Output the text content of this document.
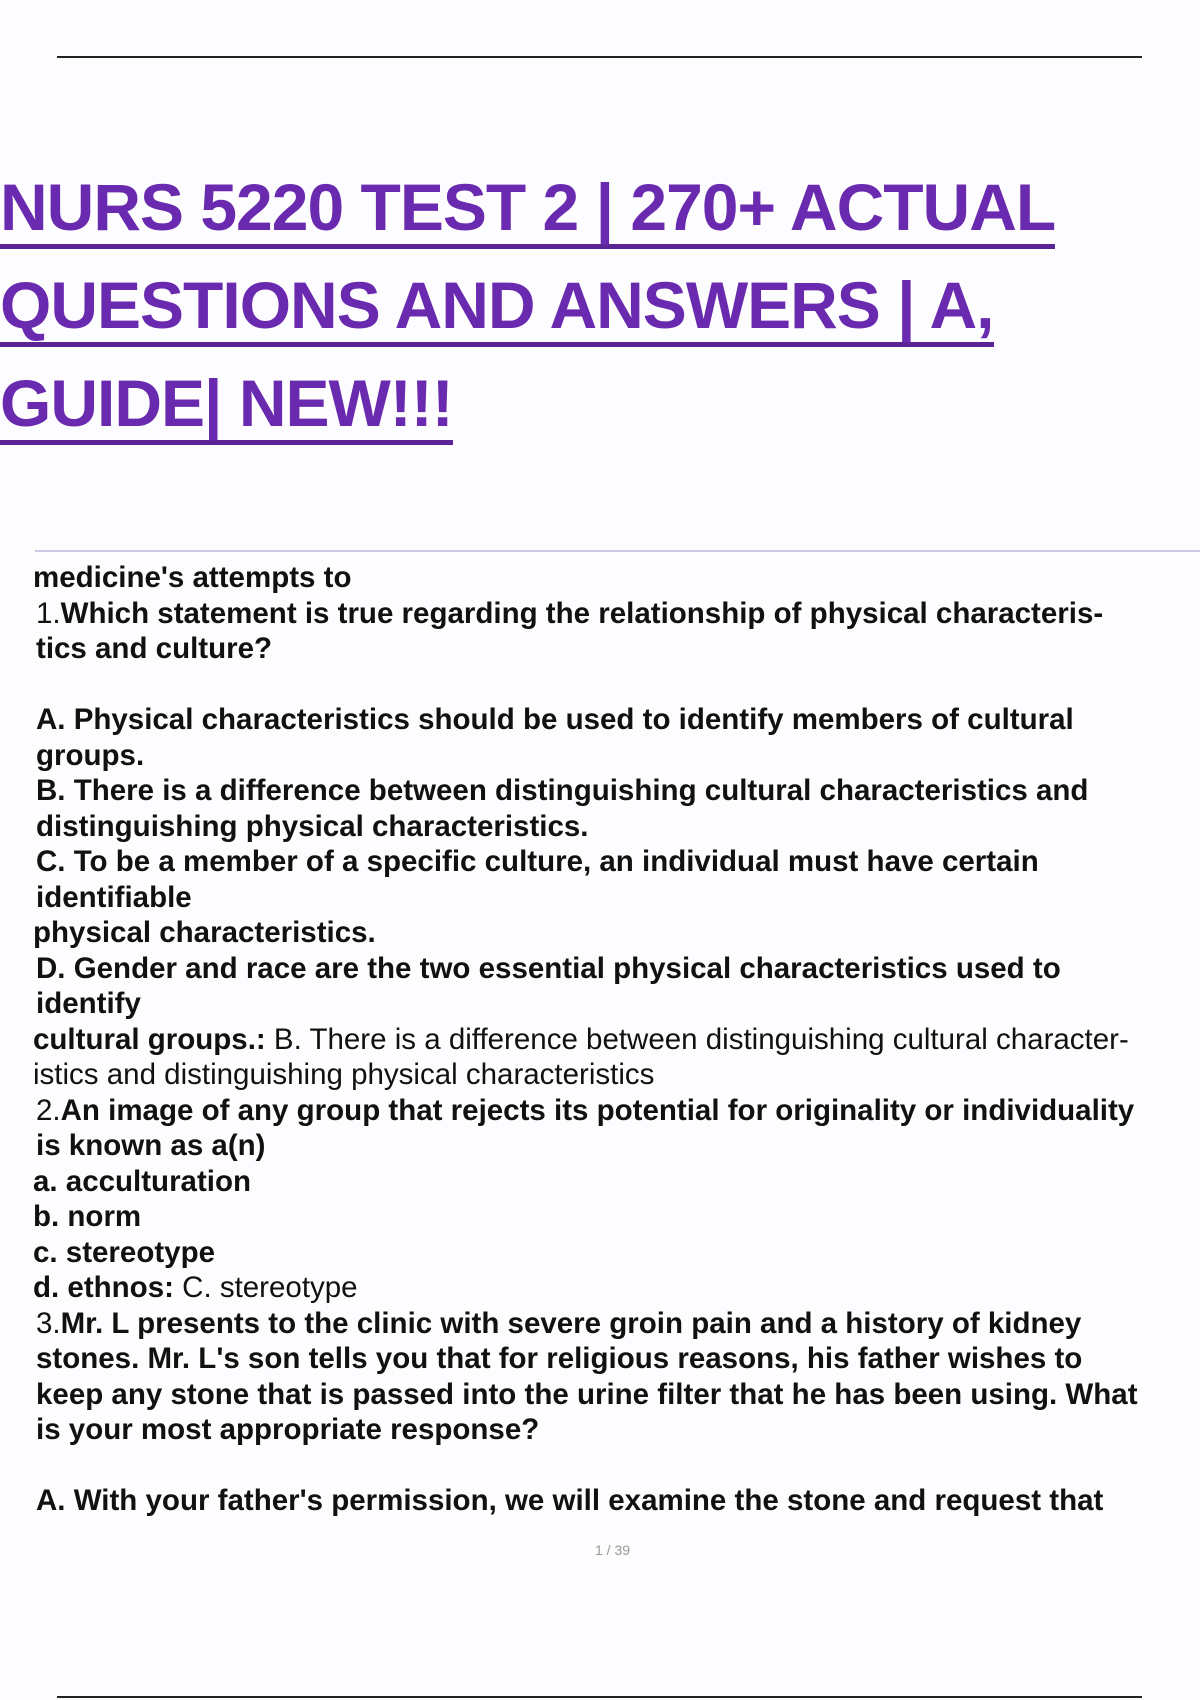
NURS 5220 TEST 2 | 270+ ACTUAL
QUESTIONS AND ANSWERS | A,
GUIDE| NEW!!!
medicine's attempts to
1.Which statement is true regarding the relationship of physical characteris-
tics and culture?
A. Physical characteristics should be used to identify members of cultural
groups.
B. There is a difference between distinguishing cultural characteristics and
distinguishing physical characteristics.
C. To be a member of a specific culture, an individual must have certain
identifiable
physical characteristics.
D. Gender and race are the two essential physical characteristics used to
identify
cultural groups.: B. There is a difference between distinguishing cultural character-
istics and distinguishing physical characteristics
2.An image of any group that rejects its potential for originality or individuality
is known as a(n)
a. acculturation
b. norm
c. stereotype
d. ethnos: C. stereotype
3.Mr. L presents to the clinic with severe groin pain and a history of kidney
stones. Mr. L's son tells you that for religious reasons, his father wishes to
keep any stone that is passed into the urine filter that he has been using. What
is your most appropriate response?
A. With your father's permission, we will examine the stone and request that
1 / 39
